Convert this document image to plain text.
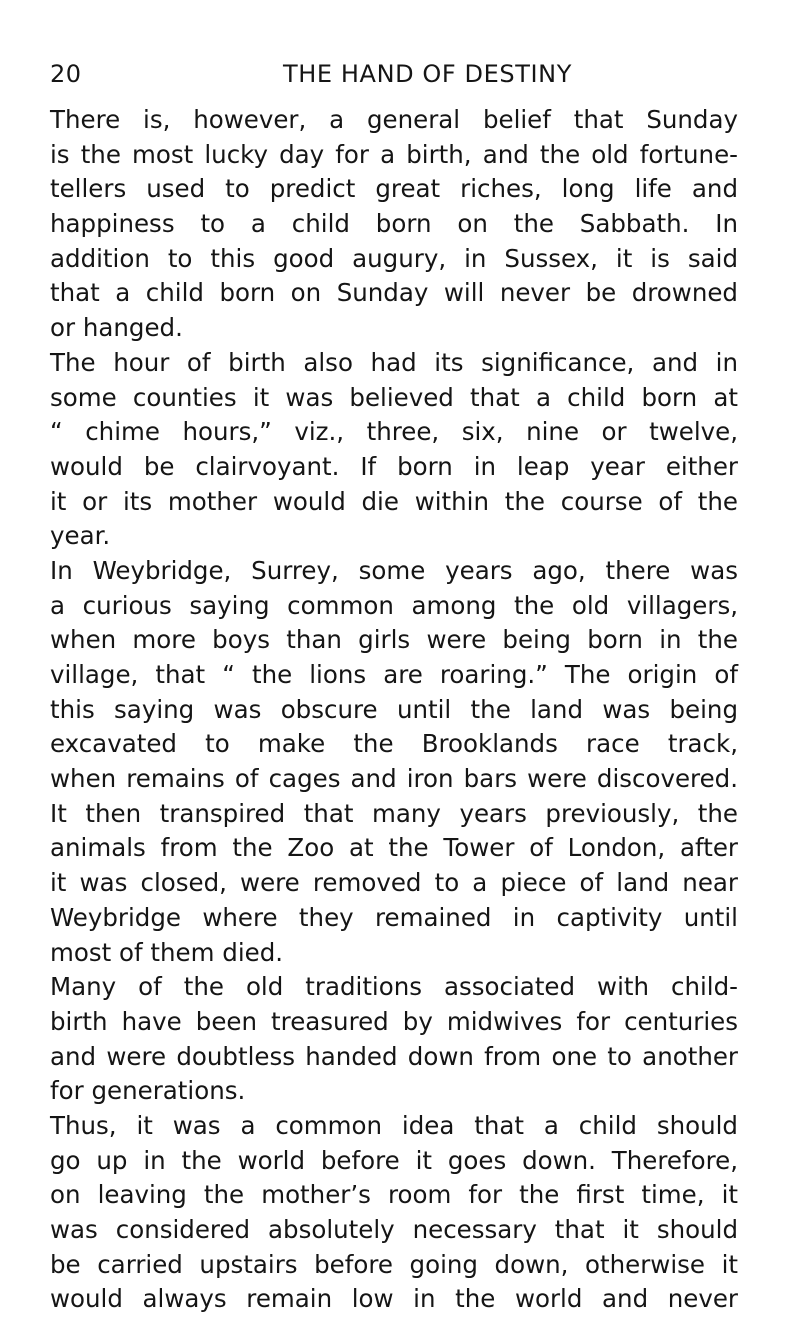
20	THE HAND OF DESTINY
There is, however, a general belief that Sunday
is the most lucky day for a birth, and the old fortune-
tellers used to predict great riches, long life and
happiness to a child born on the Sabbath. In
addition to this good augury, in Sussex, it is said
that a child born on Sunday will never be drowned
or hanged.
The hour of birth also had its significance, and in
some counties it was believed that a child born at
“ chime hours,” viz., three, six, nine or twelve,
would be clairvoyant. If born in leap year either
it or its mother would die within the course of the
year.
In Weybridge, Surrey, some years ago, there was
a curious saying common among the old villagers,
when more boys than girls were being born in the
village, that “ the lions are roaring.” The origin of
this saying was obscure until the land was being
excavated to make the Brooklands race track,
when remains of cages and iron bars were discovered.
It then transpired that many years previously, the
animals from the Zoo at the Tower of London, after
it was closed, were removed to a piece of land near
Weybridge where they remained in captivity until
most of them died.
Many of the old traditions associated with child-
birth have been treasured by midwives for centuries
and were doubtless handed down from one to another
for generations.
Thus, it was a common idea that a child should
go up in the world before it goes down. Therefore,
on leaving the mother’s room for the first time, it
was considered absolutely necessary that it should
be carried upstairs before going down, otherwise it
would always remain low in the world and never
